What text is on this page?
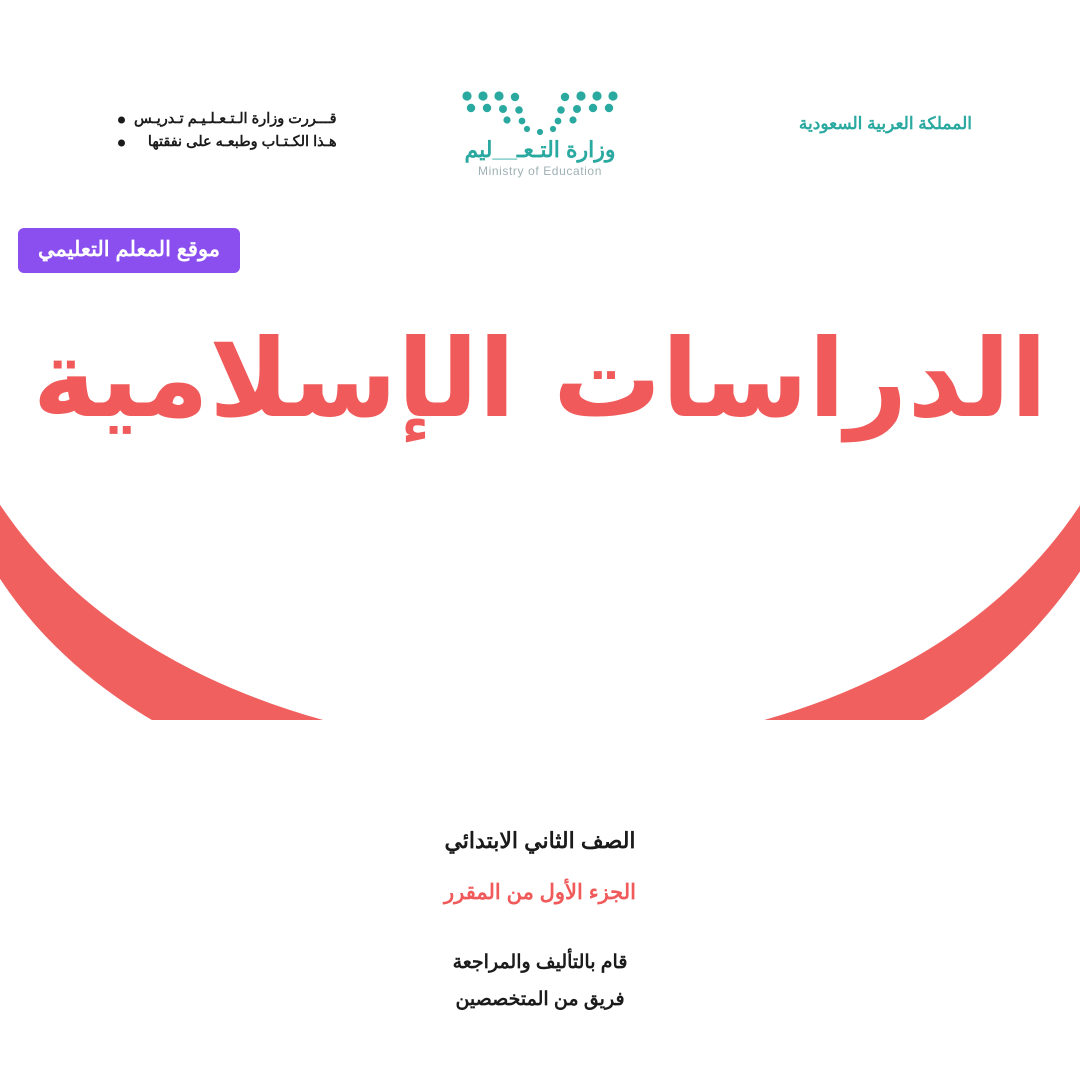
المملكة العربية السعودية
وزارة التـعـ__ليم
Ministry of Education
قـــررت وزارة الـتـعـلـيـم تـدريـس
هـذا الكـتـاب وطبعـه على نفقتها
موقع المعلم التعليمي
الدراسات الإسلامية
الصف الثاني الابتدائي
الجزء الأول من المقرر
قام بالتأليف والمراجعة
فريق من المتخصصين
